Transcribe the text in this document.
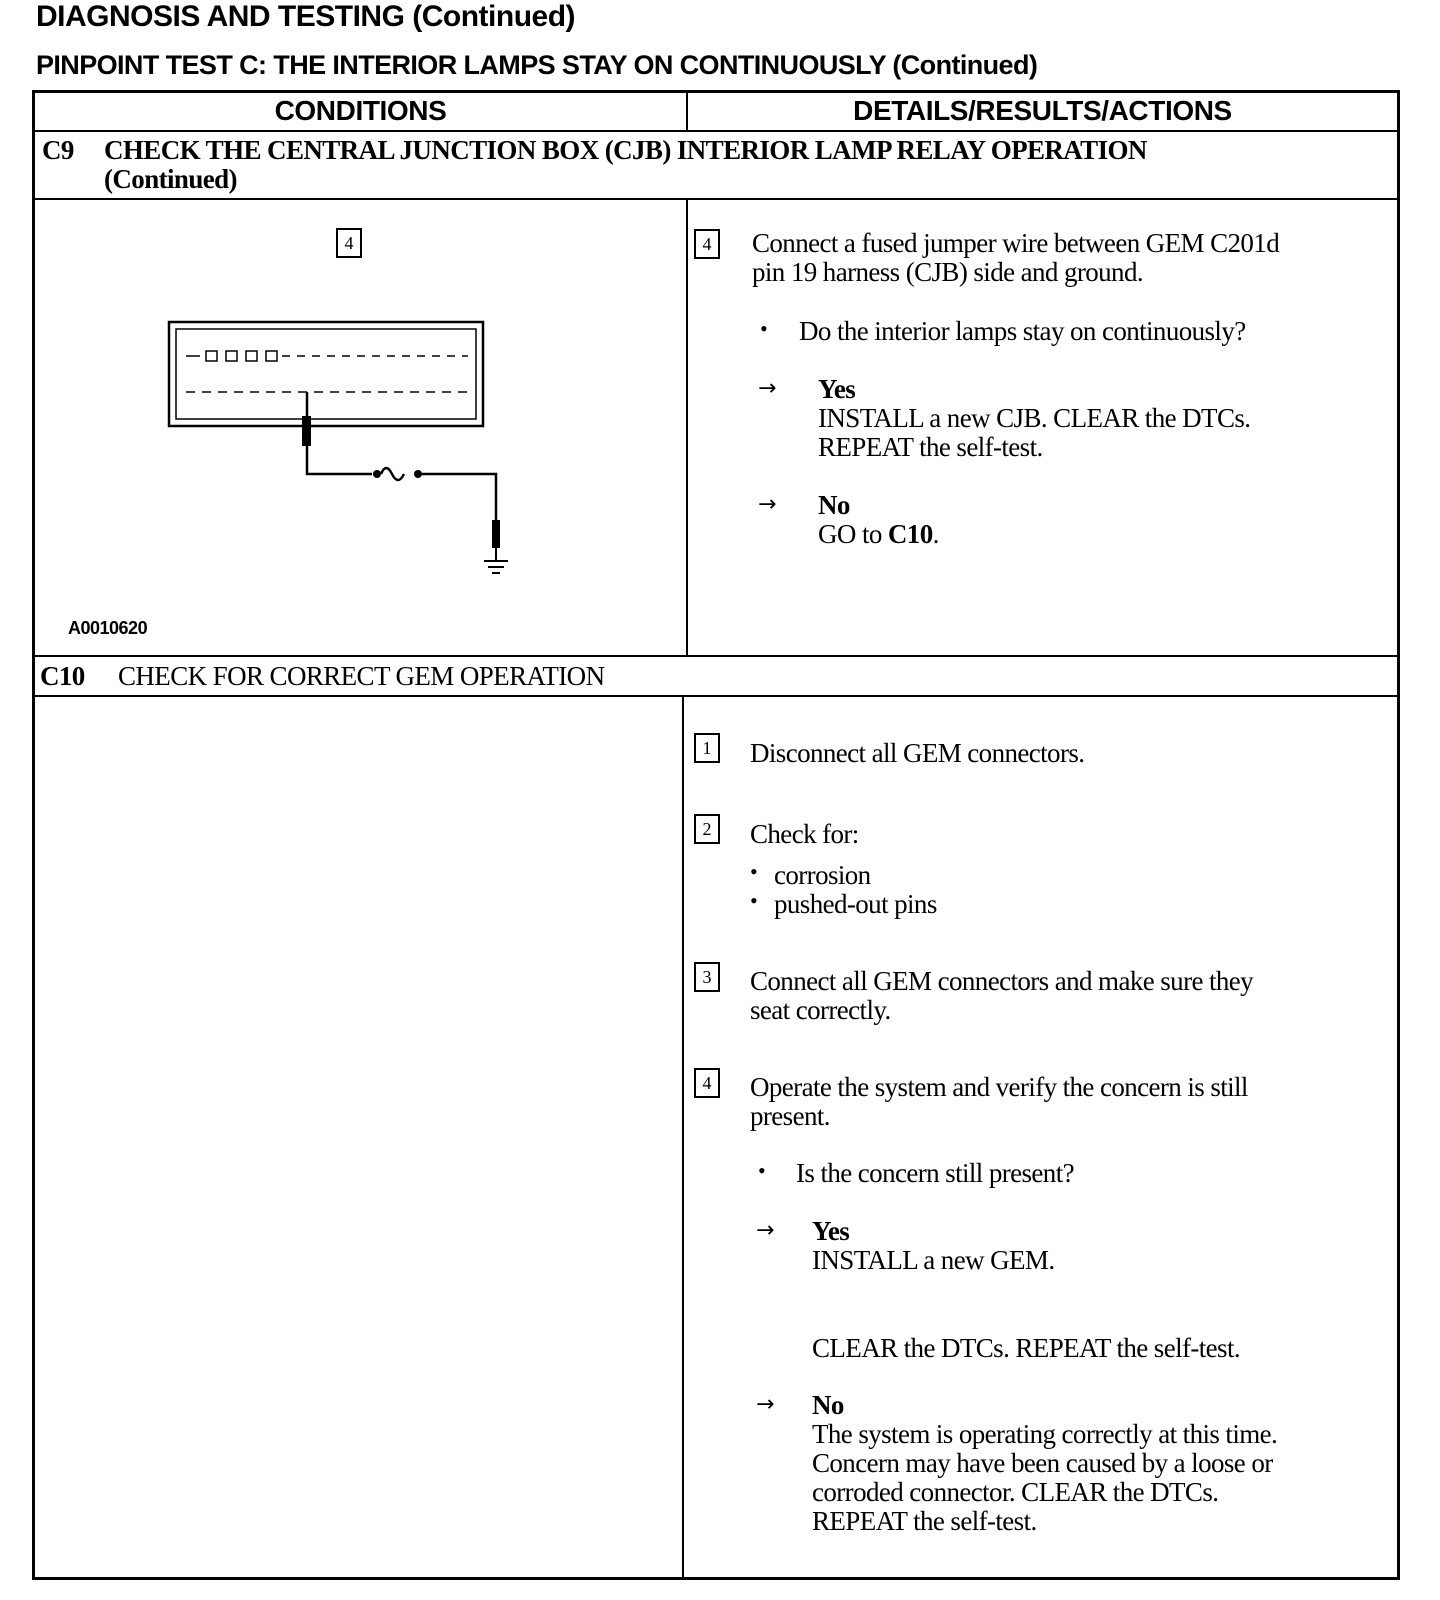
DIAGNOSIS AND TESTING (Continued)
PINPOINT TEST C: THE INTERIOR LAMPS STAY ON CONTINUOUSLY (Continued)
CONDITIONS	DETAILS/RESULTS/ACTIONS
C9 CHECK THE CENTRAL JUNCTION BOX (CJB) INTERIOR LAMP RELAY OPERATION
(Continued)
4	4	Connect a fused jumper wire between GEM C201d
pin 19 harness (CJB) side and ground.
• Do the interior lamps stay on continuously?
→ Yes
INSTALL a new CJB. CLEAR the DTCs.
REPEAT the self-test.
→ No
GO to C10.
A0010620
C10 CHECK FOR CORRECT GEM OPERATION
1	Disconnect all GEM connectors.
2	Check for:
• corrosion
• pushed-out pins
3	Connect all GEM connectors and make sure they
seat correctly.
4	Operate the system and verify the concern is still
present.
• Is the concern still present?
→ Yes
INSTALL a new GEM.
CLEAR the DTCs. REPEAT the self-test.
→ No
The system is operating correctly at this time.
Concern may have been caused by a loose or
corroded connector. CLEAR the DTCs.
REPEAT the self-test.
